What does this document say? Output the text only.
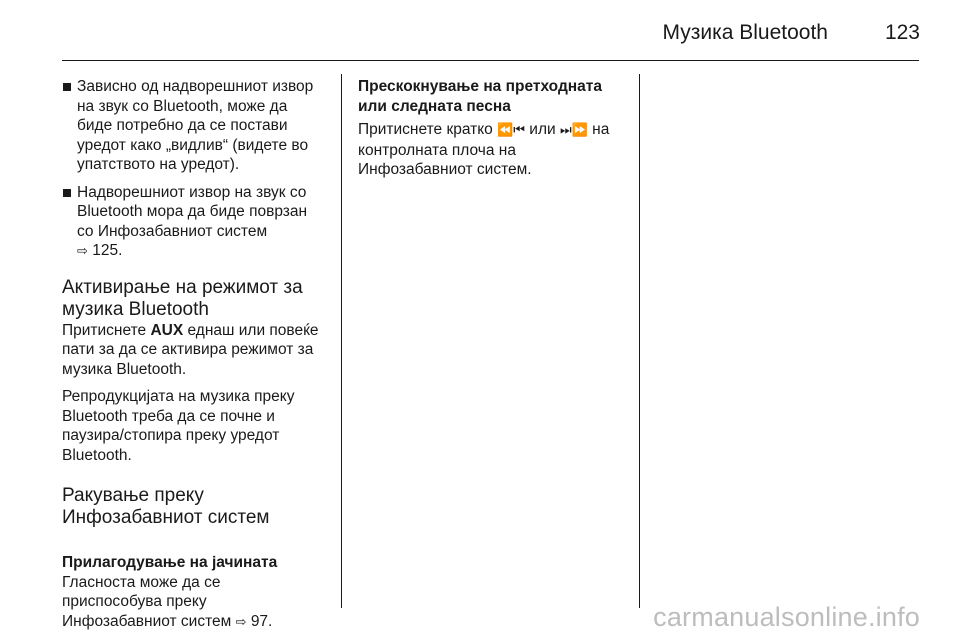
Музика Bluetooth	123
Зависно од надворешниот извор
на звук со Bluetooth, може да
биде потребно да се постави
уредот како „видлив“ (видете во
упатството на уредот).
Надворешниот извор на звук со
Bluetooth мора да биде поврзан
со Инфозабавниот систем
⇨ 125.
Активирање на режимот за
музика Bluetooth
Притиснете AUX еднаш или повеќе
пати за да се активира режимот за
музика Bluetooth.
Репродукцијата на музика преку
Bluetooth треба да се почне и
паузира/стопира преку уредот
Bluetooth.
Ракување преку
Инфозабавниот систем
Прилагодување на јачината
Гласноста може да се
приспособува преку
Инфозабавниот систем ⇨ 97.
Прескокнување на претходната
или следната песна
Притиснете кратко ⏪⏮ или ⏭⏩ на
контролната плоча на
Инфозабавниот систем.
carmanualsonline.info
